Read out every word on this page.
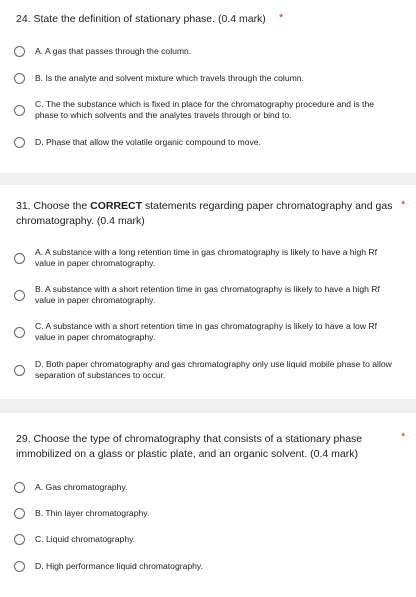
24. State the definition of stationary phase. (0.4 mark)	*
A. A gas that passes through the column.
B. Is the analyte and solvent mixture which travels through the column.
C. The the substance which is fixed in place for the chromatography procedure and is the phase to which solvents and the analytes travels through or bind to.
D. Phase that allow the volatile organic compound to move.
31. Choose the CORRECT statements regarding paper chromatography and gas chromatography. (0.4 mark)
*
A. A substance with a long retention time in gas chromatography is likely to have a high Rf value in paper chromatography.
B. A substance with a short retention time in gas chromatography is likely to have a high Rf value in paper chromatography.
C. A substance with a short retention time in gas chromatography is likely to have a low Rf value in paper chromatography.
D. Both paper chromatography and gas chromatography only use liquid mobile phase to allow separation of substances to occur.
29. Choose the type of chromatography that consists of a stationary phase immobilized on a glass or plastic plate, and an organic solvent. (0.4 mark)
*
A. Gas chromatography.
B. Thin layer chromatography.
C. Liquid chromatography.
D. High performance liquid chromatography.
